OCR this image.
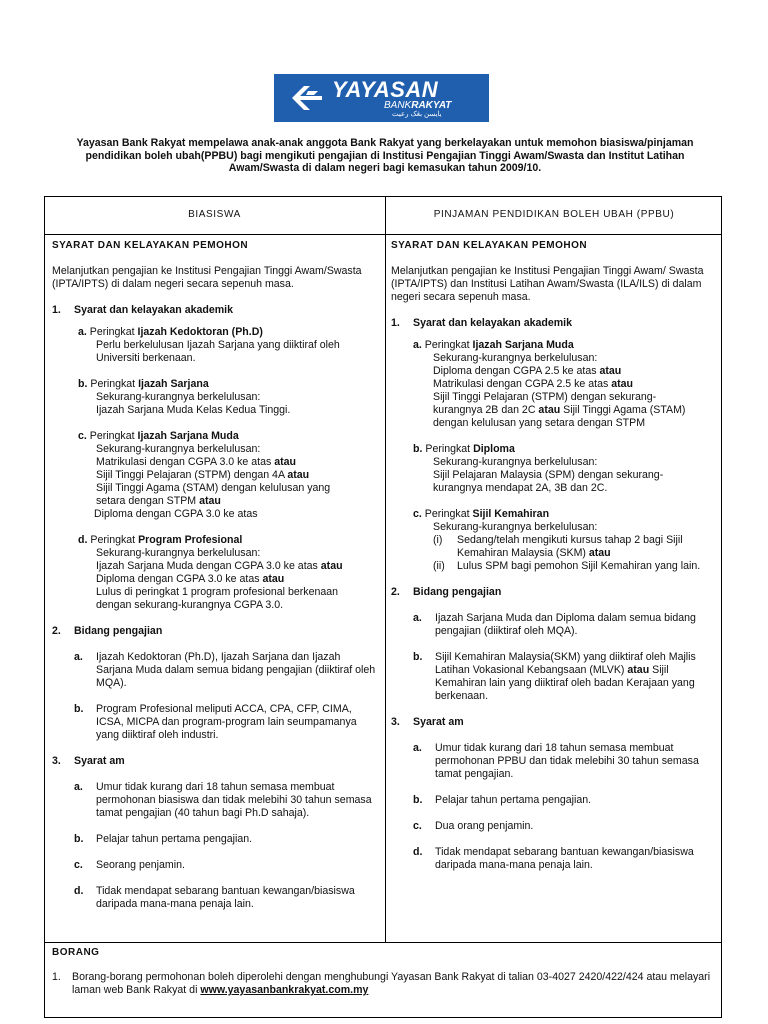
YAYASAN
BANKRAKYAT
يايسن بڠک رعيت
Yayasan Bank Rakyat mempelawa anak-anak anggota Bank Rakyat yang berkelayakan untuk memohon biasiswa/pinjaman pendidikan boleh ubah(PPBU) bagi mengikuti pengajian di Institusi Pengajian Tinggi Awam/Swasta dan Institut Latihan Awam/Swasta di dalam negeri bagi kemasukan tahun 2009/10.
BIASISWA	PINJAMAN PENDIDIKAN BOLEH UBAH (PPBU)
SYARAT DAN KELAYAKAN PEMOHON

Melanjutkan pengajian ke Institusi Pengajian Tinggi Awam/Swasta (IPTA/IPTS) di dalam negeri secara sepenuh masa.

1.	Syarat dan kelayakan akademik
a. Peringkat Ijazah Kedoktoran (Ph.D)
Perlu berkelulusan Ijazah Sarjana yang diiktiraf oleh
Universiti berkenaan.
b. Peringkat Ijazah Sarjana
Sekurang-kurangnya berkelulusan:
Ijazah Sarjana Muda Kelas Kedua Tinggi.
c. Peringkat Ijazah Sarjana Muda
Sekurang-kurangnya berkelulusan:
Matrikulasi dengan CGPA 3.0 ke atas atau
Sijil Tinggi Pelajaran (STPM) dengan 4A atau
Sijil Tinggi Agama (STAM) dengan kelulusan yang
setara dengan STPM atau
Diploma dengan CGPA 3.0 ke atas
d. Peringkat Program Profesional
Sekurang-kurangnya berkelulusan:
Ijazah Sarjana Muda dengan CGPA 3.0 ke atas atau
Diploma dengan CGPA 3.0 ke atas atau
Lulus di peringkat 1 program profesional berkenaan
dengan sekurang-kurangnya CGPA 3.0.
2.	Bidang pengajian
a.	Ijazah Kedoktoran (Ph.D), Ijazah Sarjana dan Ijazah Sarjana Muda dalam semua bidang pengajian (diiktiraf oleh MQA).
b.	Program Profesional meliputi ACCA, CPA, CFP, CIMA, ICSA, MICPA dan program-program lain seumpamanya yang diiktiraf oleh industri.
3.	Syarat am
a.	Umur tidak kurang dari 18 tahun semasa membuat permohonan biasiswa dan tidak melebihi 30 tahun semasa tamat pengajian (40 tahun bagi Ph.D sahaja).
b.	Pelajar tahun pertama pengajian.
c.	Seorang penjamin.
d.	Tidak mendapat sebarang bantuan kewangan/biasiswa daripada mana-mana penaja lain.
SYARAT DAN KELAYAKAN PEMOHON

Melanjutkan pengajian ke Institusi Pengajian Tinggi Awam/ Swasta (IPTA/IPTS) dan Institusi Latihan Awam/Swasta (ILA/ILS) di dalam negeri secara sepenuh masa.

1.	Syarat dan kelayakan akademik
a. Peringkat Ijazah Sarjana Muda
Sekurang-kurangnya berkelulusan:
Diploma dengan CGPA 2.5 ke atas atau
Matrikulasi dengan CGPA 2.5 ke atas atau
Sijil Tinggi Pelajaran (STPM) dengan sekurang-
kurangnya 2B dan 2C atau Sijil Tinggi Agama (STAM)
dengan kelulusan yang setara dengan STPM
b. Peringkat Diploma
Sekurang-kurangnya berkelulusan:
Sijil Pelajaran Malaysia (SPM) dengan sekurang-
kurangnya mendapat 2A, 3B dan 2C.
c. Peringkat Sijil Kemahiran
Sekurang-kurangnya berkelulusan:
(i)	Sedang/telah mengikuti kursus tahap 2 bagi Sijil Kemahiran Malaysia (SKM) atau
(ii)	Lulus SPM bagi pemohon Sijil Kemahiran yang lain.
2.	Bidang pengajian
a.	Ijazah Sarjana Muda dan Diploma dalam semua bidang pengajian (diiktiraf oleh MQA).
b.	Sijil Kemahiran Malaysia(SKM) yang diiktiraf oleh Majlis Latihan Vokasional Kebangsaan (MLVK) atau Sijil Kemahiran lain yang diiktiraf oleh badan Kerajaan yang berkenaan.
3.	Syarat am
a.	Umur tidak kurang dari 18 tahun semasa membuat permohonan PPBU dan tidak melebihi 30 tahun semasa tamat pengajian.
b.	Pelajar tahun pertama pengajian.
c.	Dua orang penjamin.
d.	Tidak mendapat sebarang bantuan kewangan/biasiswa daripada mana-mana penaja lain.
BORANG
1.	Borang-borang permohonan boleh diperolehi dengan menghubungi Yayasan Bank Rakyat di talian 03-4027 2420/422/424 atau melayari laman web Bank Rakyat di www.yayasanbankrakyat.com.my
